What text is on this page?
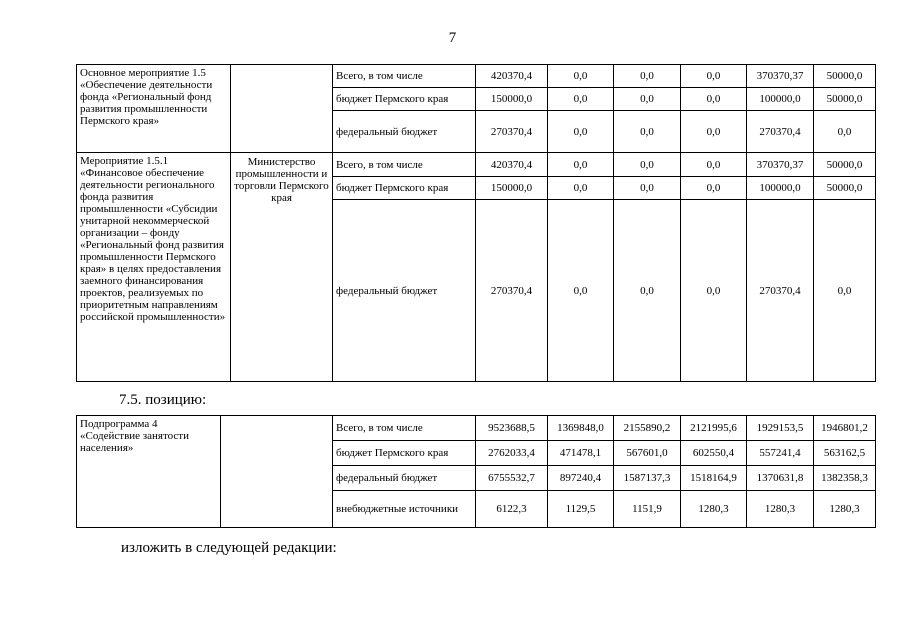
7
Основное мероприятие 1.5 «Обеспечение деятельности фонда «Региональный фонд развития промышленности Пермского края»		Всего, в том числе	420370,4	0,0	0,0	0,0	370370,37	50000,0
		бюджет Пермского края	150000,0	0,0	0,0	0,0	100000,0	50000,0
		федеральный бюджет	270370,4	0,0	0,0	0,0	270370,4	0,0
Мероприятие 1.5.1 «Финансовое обеспечение деятельности регионального фонда развития промышленности «Субсидии унитарной некоммерческой организации – фонду «Региональный фонд развития промышленности Пермского края» в целях предоставления заемного финансирования проектов, реализуемых по приоритетным направлениям российской промышленности»	Министерство промышленности и торговли Пермского края	Всего, в том числе	420370,4	0,0	0,0	0,0	370370,37	50000,0
		бюджет Пермского края	150000,0	0,0	0,0	0,0	100000,0	50000,0
		федеральный бюджет	270370,4	0,0	0,0	0,0	270370,4	0,0
7.5. позицию:
Подпрограмма 4 «Содействие занятости населения»		Всего, в том числе	9523688,5	1369848,0	2155890,2	2121995,6	1929153,5	1946801,2
		бюджет Пермского края	2762033,4	471478,1	567601,0	602550,4	557241,4	563162,5
		федеральный бюджет	6755532,7	897240,4	1587137,3	1518164,9	1370631,8	1382358,3
		внебюджетные источники	6122,3	1129,5	1151,9	1280,3	1280,3	1280,3
изложить в следующей редакции:
